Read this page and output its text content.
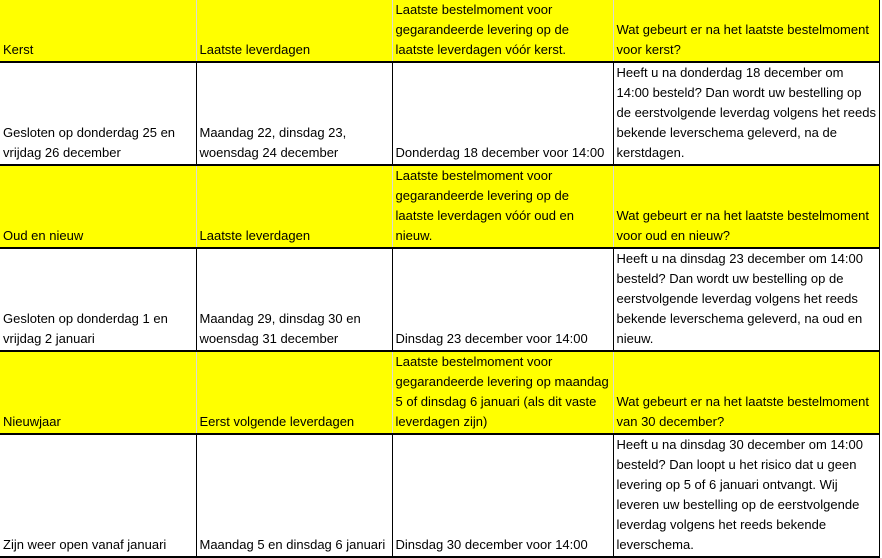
Kerst	Laatste leverdagen	Laatste bestelmoment voor gegarandeerde levering op de laatste leverdagen vóór kerst.	Wat gebeurt er na het laatste bestelmoment voor kerst?
Gesloten op donderdag 25 en vrijdag 26 december	Maandag 22, dinsdag 23, woensdag 24 december	Donderdag 18 december voor 14:00	Heeft u na donderdag 18 december om 14:00 besteld? Dan wordt uw bestelling op de eerstvolgende leverdag volgens het reeds bekende leverschema geleverd, na de kerstdagen.
Oud en nieuw	Laatste leverdagen	Laatste bestelmoment voor gegarandeerde levering op de laatste leverdagen vóór oud en nieuw.	Wat gebeurt er na het laatste bestelmoment voor oud en nieuw?
Gesloten op donderdag 1 en vrijdag 2 januari	Maandag 29, dinsdag 30 en woensdag 31 december	Dinsdag 23 december voor 14:00	Heeft u na dinsdag 23 december om 14:00 besteld? Dan wordt uw bestelling op de eerstvolgende leverdag volgens het reeds bekende leverschema geleverd, na oud en nieuw.
Nieuwjaar	Eerst volgende leverdagen	Laatste bestelmoment voor gegarandeerde levering op maandag 5 of dinsdag 6 januari (als dit vaste leverdagen zijn)	Wat gebeurt er na het laatste bestelmoment van 30 december?
Zijn weer open vanaf januari	Maandag 5 en dinsdag 6 januari	Dinsdag 30 december voor 14:00	Heeft u na dinsdag 30 december om 14:00 besteld? Dan loopt u het risico dat u geen levering op 5 of 6 januari ontvangt. Wij leveren uw bestelling op de eerstvolgende leverdag volgens het reeds bekende leverschema.
